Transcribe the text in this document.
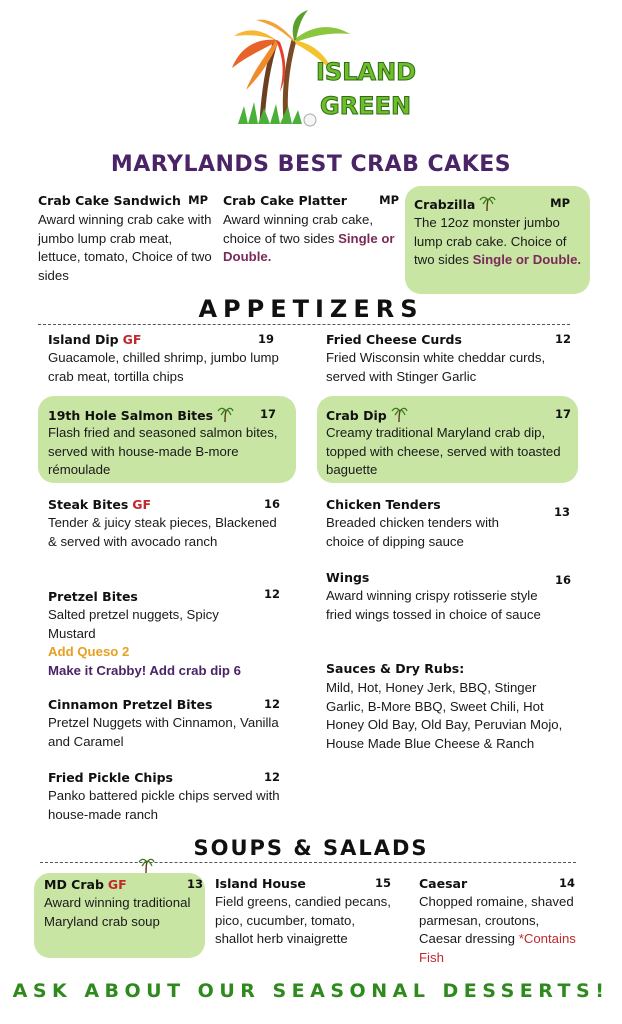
ISLAND
GREEN
MARYLANDS BEST CRAB CAKES
Crab Cake Sandwich MP
Award winning crab cake with jumbo lump crab meat, lettuce, tomato, Choice of two sides
Crab Cake Platter	MP
Award winning crab cake, choice of two sides Single or Double.
Crabzilla	MP
The 12oz monster jumbo lump crab cake. Choice of two sides Single or Double.
APPETIZERS
Island Dip GF	19
Guacamole, chilled shrimp, jumbo lump crab meat, tortilla chips
19th Hole Salmon Bites	17
Flash fried and seasoned salmon bites, served with house-made B-more rémoulade
Steak Bites GF	16
Tender & juicy steak pieces, Blackened & served with avocado ranch
Pretzel Bites	12
Salted pretzel nuggets, Spicy Mustard
Add Queso 2
Make it Crabby! Add crab dip 6
Cinnamon Pretzel Bites	12
Pretzel Nuggets with Cinnamon, Vanilla and Caramel
Fried Pickle Chips	12
Panko battered pickle chips served with house-made ranch
Fried Cheese Curds	12
Fried Wisconsin white cheddar curds, served with Stinger Garlic
Crab Dip	17
Creamy traditional Maryland crab dip, topped with cheese, served with toasted baguette
Chicken Tenders	13
Breaded chicken tenders with choice of dipping sauce
Wings	16
Award winning crispy rotisserie style fried wings tossed in choice of sauce
Sauces & Dry Rubs:
Mild, Hot, Honey Jerk, BBQ, Stinger Garlic, B-More BBQ, Sweet Chili, Hot Honey Old Bay, Old Bay, Peruvian Mojo, House Made Blue Cheese & Ranch
SOUPS & SALADS
MD Crab GF	13
Award winning traditional Maryland crab soup
Island House	15
Field greens, candied pecans, pico, cucumber, tomato, shallot herb vinaigrette
Caesar	14
Chopped romaine, shaved parmesan, croutons, Caesar dressing *Contains Fish
ASK ABOUT OUR SEASONAL DESSERTS!
